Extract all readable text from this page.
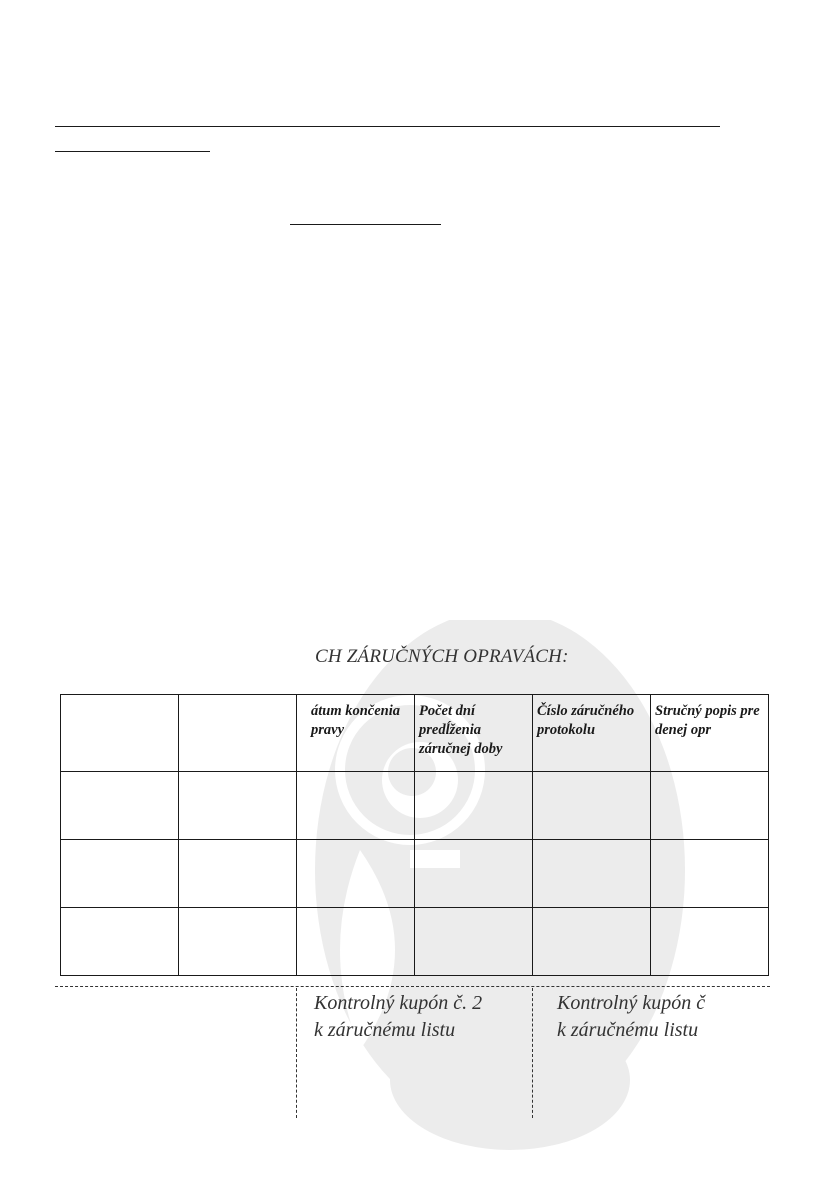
CH ZÁRUČNÝCH OPRAVÁCH:

		átum končenia pravy	Počet dní predĺženia záručnej doby	Číslo záručného protokolu	Stručný popis pre denej opr

Kontrolný kupón č. 2
k záručnému listu
Kontrolný kupón č
k záručnému listu
